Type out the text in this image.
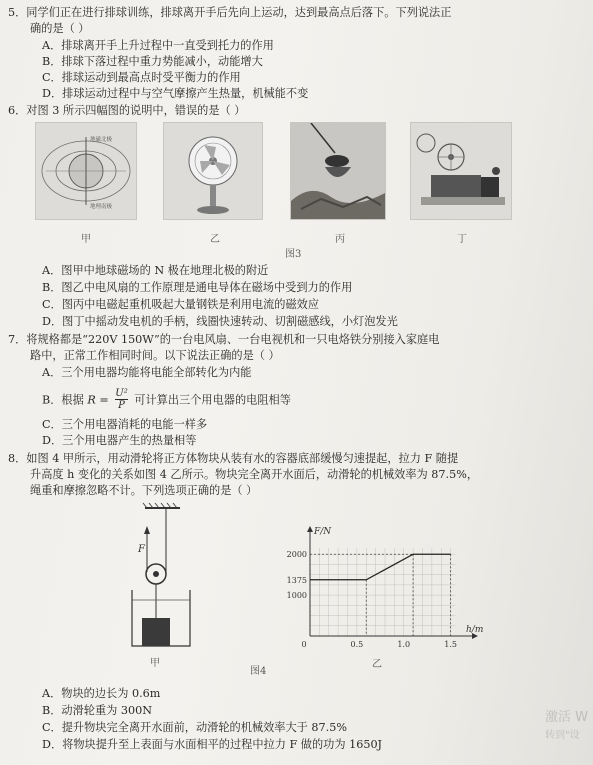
5．同学们正在进行排球训练，排球离开手后先向上运动，达到最高点后落下。下列说法正
确的是（ ）
A．排球离开手上升过程中一直受到托力的作用
B．排球下落过程中重力势能减小，动能增大
C．排球运动到最高点时受平衡力的作用
D．排球运动过程中与空气摩擦产生热量，机械能不变
6．对图 3 所示四幅图的说明中，错误的是（ ）
地磁北极
地理南极
甲	乙	丙	丁
图3
A．图甲中地球磁场的 N 极在地理北极的附近
B．图乙中电风扇的工作原理是通电导体在磁场中受到力的作用
C．图丙中电磁起重机吸起大量钢铁是利用电流的磁效应
D．图丁中摇动发电机的手柄，线圈快速转动、切割磁感线，小灯泡发光
7．将规格都是“220V 150W”的一台电风扇、一台电视机和一只电烙铁分别接入家庭电
路中，正常工作相同时间。以下说法正确的是（ ）
A．三个用电器均能将电能全部转化为内能
B．根据 $R = \frac{\text{U²}}{P}$ 可计算出三个用电器的电阻相等
C．三个用电器消耗的电能一样多
D．三个用电器产生的热量相等
8．如图 4 甲所示，用动滑轮将正方体物块从装有水的容器底部缓慢匀速提起，拉力 F 随提
升高度 h 变化的关系如图 4 乙所示。物块完全离开水面后，动滑轮的机械效率为 87.5%，
绳重和摩擦忽略不计。下列选项正确的是（ ）
F
甲
图4
1000
1375
2000
0	0.5	1.0	1.5
F/N
h/m
乙
A．物块的边长为 0.6m
B．动滑轮重为 300N
C．提升物块完全离开水面前，动滑轮的机械效率大于 87.5%
D．将物块提升至上表面与水面相平的过程中拉力 F 做的功为 1650J
激活 W
转到"设
